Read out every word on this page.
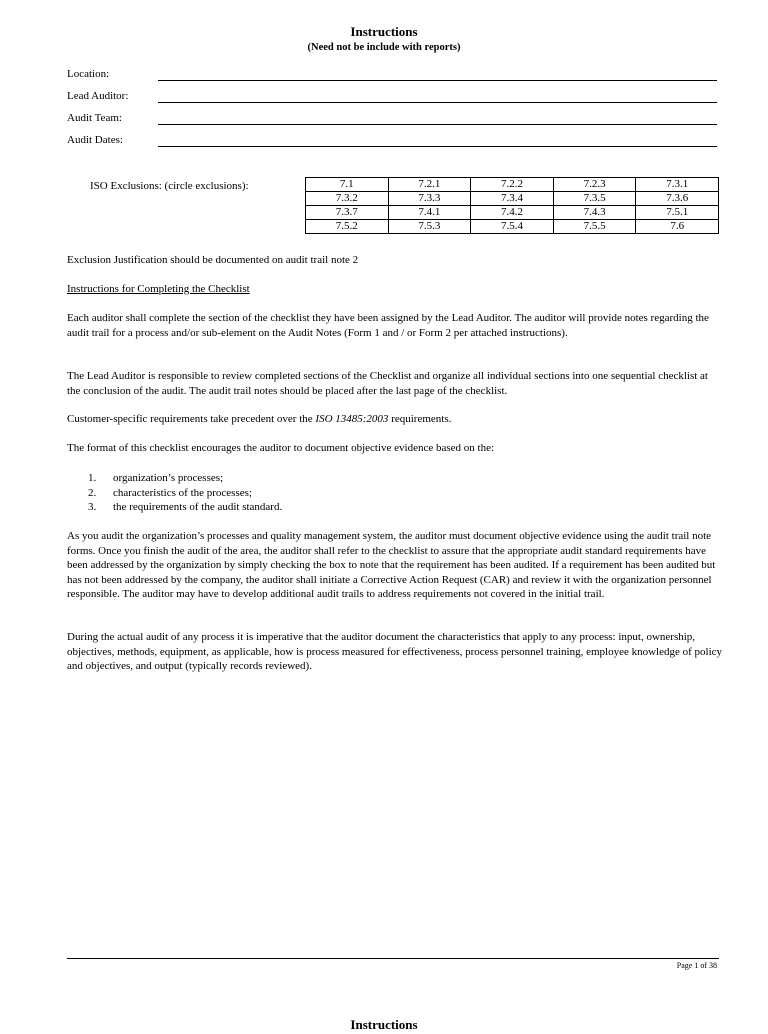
Instructions
(Need not be include with reports)
Location:
Lead Auditor:
Audit Team:
Audit Dates:
ISO Exclusions: (circle exclusions):	7.1	7.2.1	7.2.2	7.2.3	7.3.1
7.3.2	7.3.3	7.3.4	7.3.5	7.3.6
7.3.7	7.4.1	7.4.2	7.4.3	7.5.1
7.5.2	7.5.3	7.5.4	7.5.5	7.6

Exclusion Justification should be documented on audit trail note 2

Instructions for Completing the Checklist

Each auditor shall complete the section of the checklist they have been assigned by the Lead Auditor. The auditor will provide notes regarding the audit trail for a process and/or sub-element on the Audit Notes (Form 1 and / or Form 2 per attached instructions).

The Lead Auditor is responsible to review completed sections of the Checklist and organize all individual sections into one sequential checklist at the conclusion of the audit. The audit trail notes should be placed after the last page of the checklist.

Customer-specific requirements take precedent over the ISO 13485:2003 requirements.

The format of this checklist encourages the auditor to document objective evidence based on the:

1. organization’s processes;
2. characteristics of the processes;
3. the requirements of the audit standard.

As you audit the organization’s processes and quality management system, the auditor must document objective evidence using the audit trail note forms. Once you finish the audit of the area, the auditor shall refer to the checklist to assure that the appropriate audit standard requirements have been addressed by the organization by simply checking the box to note that the requirement has been audited. If a requirement has been audited but has not been addressed by the company, the auditor shall initiate a Corrective Action Request (CAR) and review it with the organization personnel responsible. The auditor may have to develop additional audit trails to address requirements not covered in the initial trail.

During the actual audit of any process it is imperative that the auditor document the characteristics that apply to any process: input, ownership, objectives, methods, equipment, as applicable, how is process measured for effectiveness, process personnel training, employee knowledge of policy and objectives, and output (typically records reviewed).

Page 1 of 38
Instructions
